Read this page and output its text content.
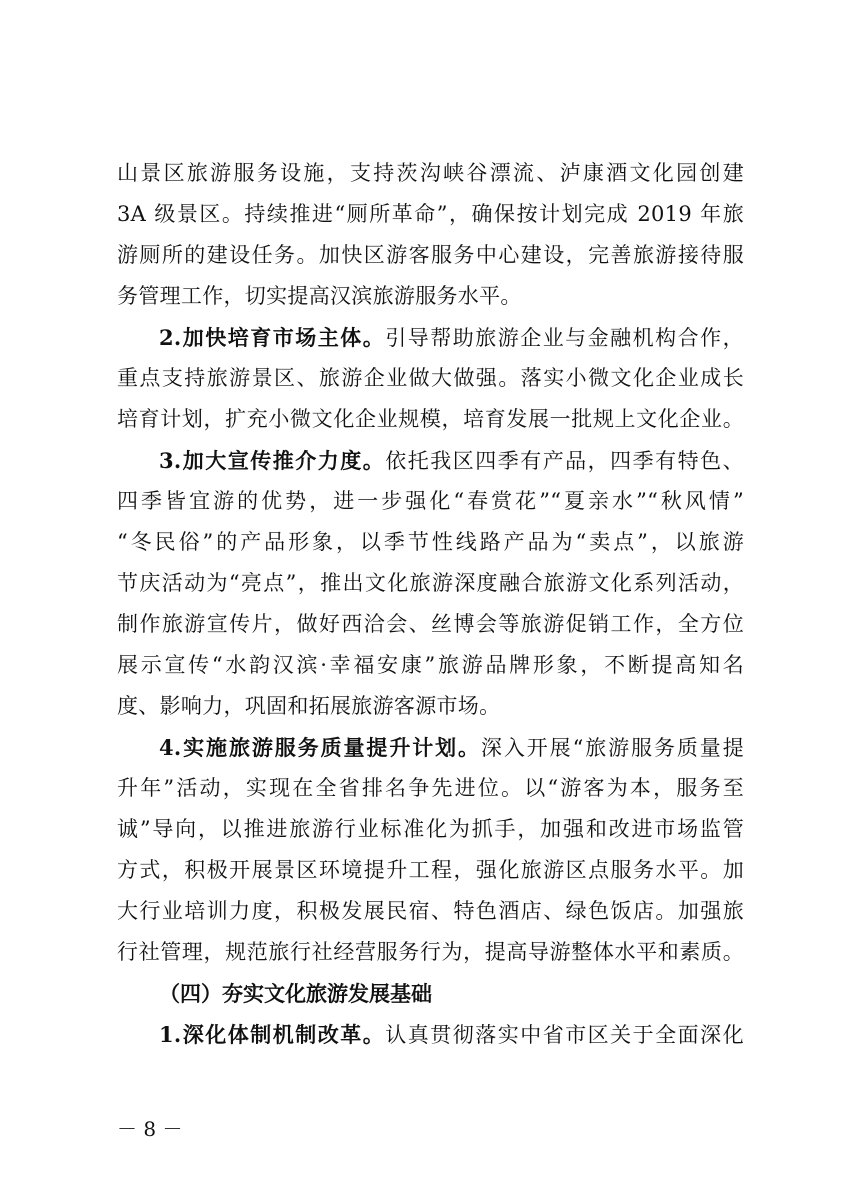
山景区旅游服务设施，支持茨沟峡谷漂流、泸康酒文化园创建
3A 级景区。持续推进“厕所革命”，确保按计划完成 2019 年旅
游厕所的建设任务。加快区游客服务中心建设，完善旅游接待服
务管理工作，切实提高汉滨旅游服务水平。
2.加快培育市场主体。引导帮助旅游企业与金融机构合作，
重点支持旅游景区、旅游企业做大做强。落实小微文化企业成长
培育计划，扩充小微文化企业规模，培育发展一批规上文化企业。
3.加大宣传推介力度。依托我区四季有产品，四季有特色、
四季皆宜游的优势，进一步强化“春赏花”“夏亲水”“秋风情”
“冬民俗”的产品形象，以季节性线路产品为“卖点”，以旅游
节庆活动为“亮点”，推出文化旅游深度融合旅游文化系列活动，
制作旅游宣传片，做好西洽会、丝博会等旅游促销工作，全方位
展示宣传“水韵汉滨·幸福安康”旅游品牌形象，不断提高知名
度、影响力，巩固和拓展旅游客源市场。
4.实施旅游服务质量提升计划。深入开展“旅游服务质量提
升年”活动，实现在全省排名争先进位。以“游客为本，服务至
诚”导向，以推进旅游行业标准化为抓手，加强和改进市场监管
方式，积极开展景区环境提升工程，强化旅游区点服务水平。加
大行业培训力度，积极发展民宿、特色酒店、绿色饭店。加强旅
行社管理，规范旅行社经营服务行为，提高导游整体水平和素质。
（四）夯实文化旅游发展基础
1.深化体制机制改革。认真贯彻落实中省市区关于全面深化
－ 8 －
